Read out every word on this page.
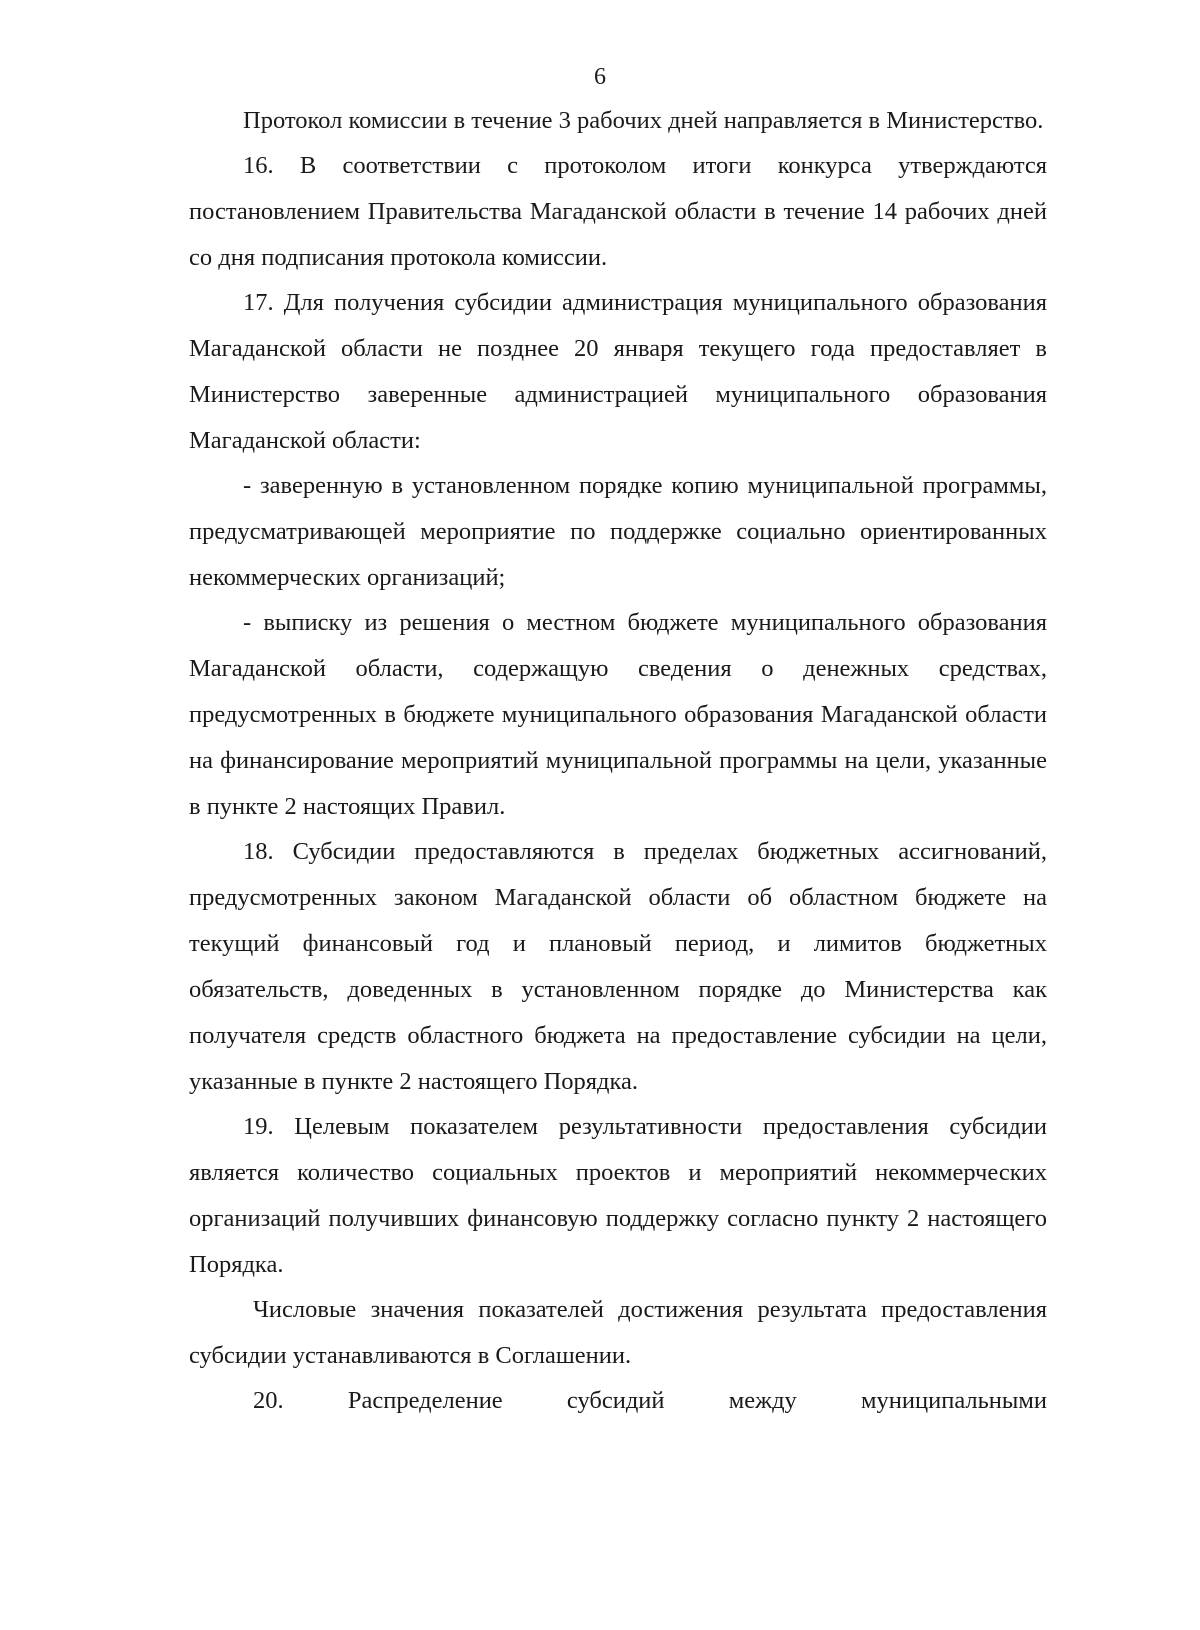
6

Протокол комиссии в течение 3 рабочих дней направляется в Министерство.

16. В соответствии с протоколом итоги конкурса утверждаются постановлением Правительства Магаданской области в течение 14 рабочих дней со дня подписания протокола комиссии.

17. Для получения субсидии администрация муниципального образования Магаданской области не позднее 20 января текущего года предоставляет в Министерство заверенные администрацией муниципального образования Магаданской области:

- заверенную в установленном порядке копию муниципальной программы, предусматривающей мероприятие по поддержке социально ориентированных некоммерческих организаций;

- выписку из решения о местном бюджете муниципального образования Магаданской области, содержащую сведения о денежных средствах, предусмотренных в бюджете муниципального образования Магаданской области на финансирование мероприятий муниципальной программы на цели, указанные в пункте 2 настоящих Правил.

18. Субсидии предоставляются в пределах бюджетных ассигнований, предусмотренных законом Магаданской области об областном бюджете на текущий финансовый год и плановый период, и лимитов бюджетных обязательств, доведенных в установленном порядке до Министерства как получателя средств областного бюджета на предоставление субсидии на цели, указанные в пункте 2 настоящего Порядка.

19. Целевым показателем результативности предоставления субсидии является количество социальных проектов и мероприятий некоммерческих организаций получивших финансовую поддержку согласно пункту 2 настоящего Порядка.

Числовые значения показателей достижения результата предоставления субсидии устанавливаются в Соглашении.

20. Распределение субсидий между муниципальными
